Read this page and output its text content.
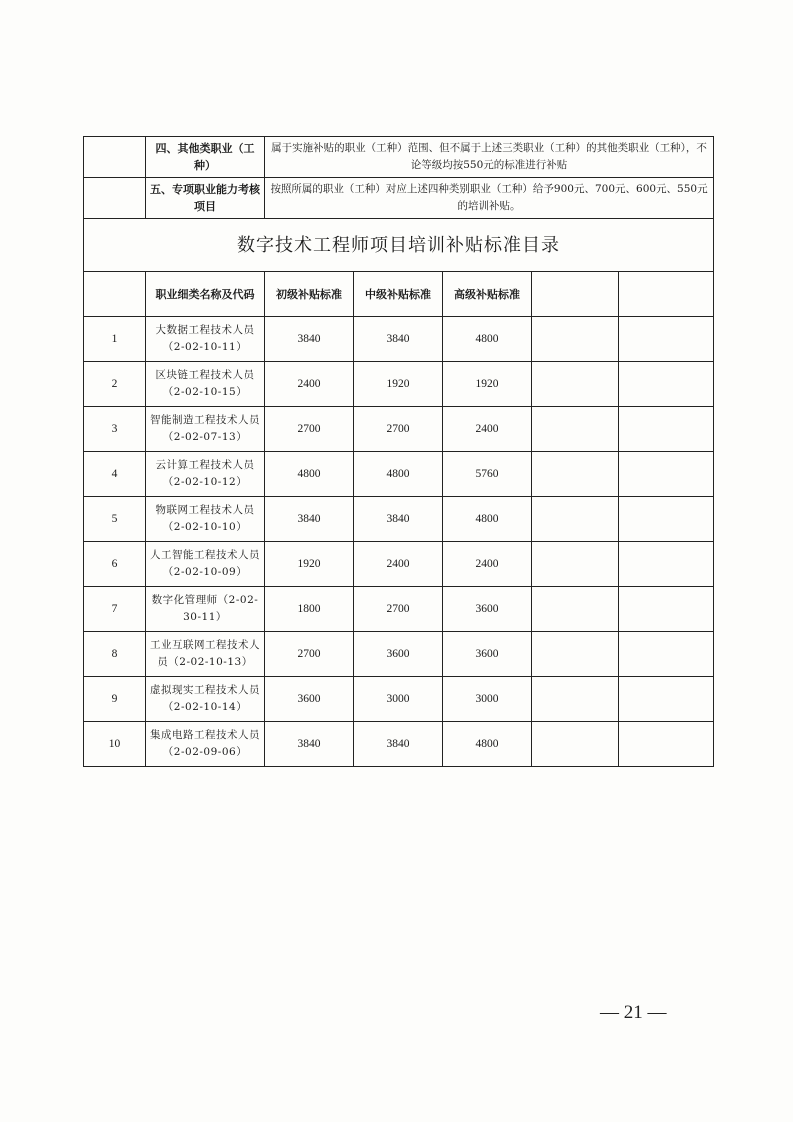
	四、其他类职业（工种）	属于实施补贴的职业（工种）范围、但不属于上述三类职业（工种）的其他类职业（工种），不论等级均按550元的标准进行补贴				
	五、专项职业能力考核项目	按照所属的职业（工种）对应上述四种类别职业（工种）给予900元、700元、600元、550元的培训补贴。				
数字技术工程师项目培训补贴标准目录						
	职业细类名称及代码	初级补贴标准	中级补贴标准	高级补贴标准		
1	大数据工程技术人员（2-02-10-11）	3840	3840	4800		
2	区块链工程技术人员（2-02-10-15）	2400	1920	1920		
3	智能制造工程技术人员（2-02-07-13）	2700	2700	2400		
4	云计算工程技术人员（2-02-10-12）	4800	4800	5760		
5	物联网工程技术人员（2-02-10-10）	3840	3840	4800		
6	人工智能工程技术人员（2-02-10-09）	1920	2400	2400		
7	数字化管理师（2-02-30-11）	1800	2700	3600		
8	工业互联网工程技术人员（2-02-10-13）	2700	3600	3600		
9	虚拟现实工程技术人员（2-02-10-14）	3600	3000	3000		
10	集成电路工程技术人员（2-02-09-06）	3840	3840	4800		
— 21 —
